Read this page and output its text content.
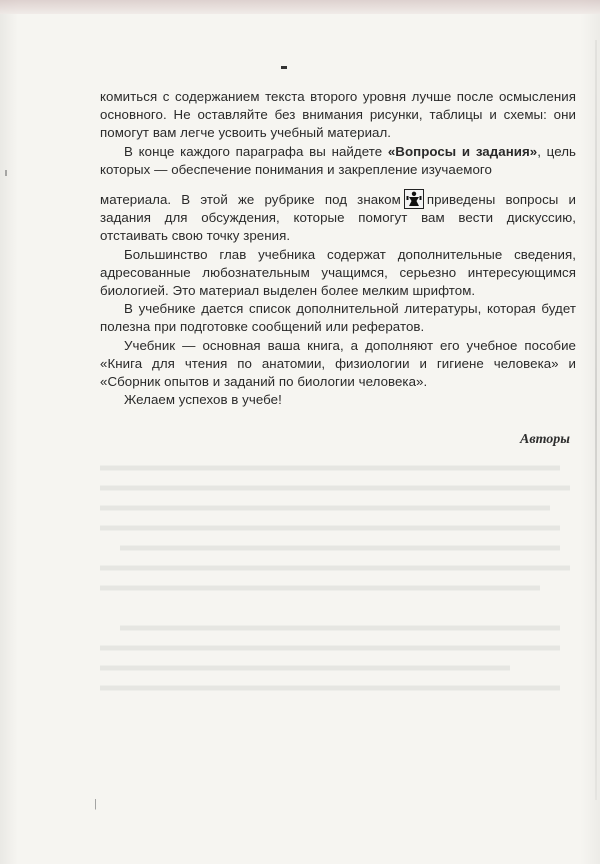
комиться с содержанием текста второго уровня лучше после осмысления основного. Не оставляйте без внимания рисунки, таблицы и схемы: они помогут вам легче усвоить учебный материал.

В конце каждого параграфа вы найдете «Вопросы и задания», цель которых — обеспечение понимания и закрепление изучаемого

материала. В этой же рубрике под знаком приведены вопросы и задания для обсуждения, которые помогут вам вести дискуссию, отстаивать свою точку зрения.

Большинство глав учебника содержат дополнительные сведения, адресованные любознательным учащимся, серьезно интересующимся биологией. Это материал выделен более мелким шрифтом.

В учебнике дается список дополнительной литературы, которая будет полезна при подготовке сообщений или рефератов.

Учебник — основная ваша книга, а дополняют его учебное пособие «Книга для чтения по анатомии, физиологии и гигиене человека» и «Сборник опытов и заданий по биологии человека».

Желаем успехов в учебе!

Авторы
|
